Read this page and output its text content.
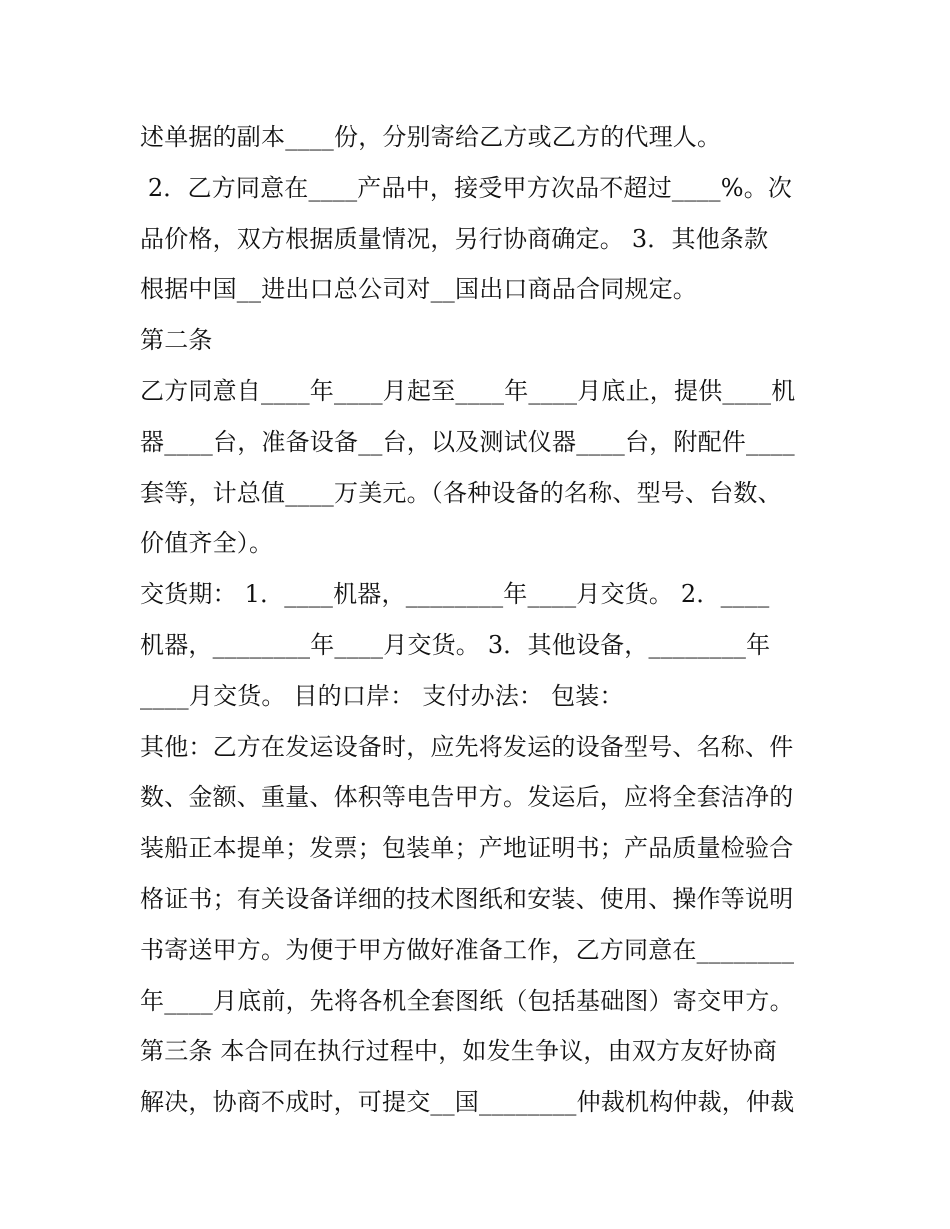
述单据的副本____份，分别寄给乙方或乙方的代理人。
2．乙方同意在____产品中，接受甲方次品不超过____%。次
品价格，双方根据质量情况，另行协商确定。 3．其他条款
根据中国__进出口总公司对__国出口商品合同规定。
第二条
乙方同意自____年____月起至____年____月底止，提供____机
器____台，准备设备__台，以及测试仪器____台，附配件____
套等，计总值____万美元。（各种设备的名称、型号、台数、
价值齐全）。
交货期： 1．____机器，________年____月交货。 2．____
机器，________年____月交货。 3．其他设备，________年
____月交货。 目的口岸： 支付办法： 包装：
其他：乙方在发运设备时，应先将发运的设备型号、名称、件
数、金额、重量、体积等电告甲方。发运后，应将全套洁净的
装船正本提单；发票；包装单；产地证明书；产品质量检验合
格证书；有关设备详细的技术图纸和安装、使用、操作等说明
书寄送甲方。为便于甲方做好准备工作，乙方同意在________
年____月底前，先将各机全套图纸（包括基础图）寄交甲方。
第三条 本合同在执行过程中，如发生争议，由双方友好协商
解决，协商不成时，可提交__国________仲裁机构仲裁，仲裁
